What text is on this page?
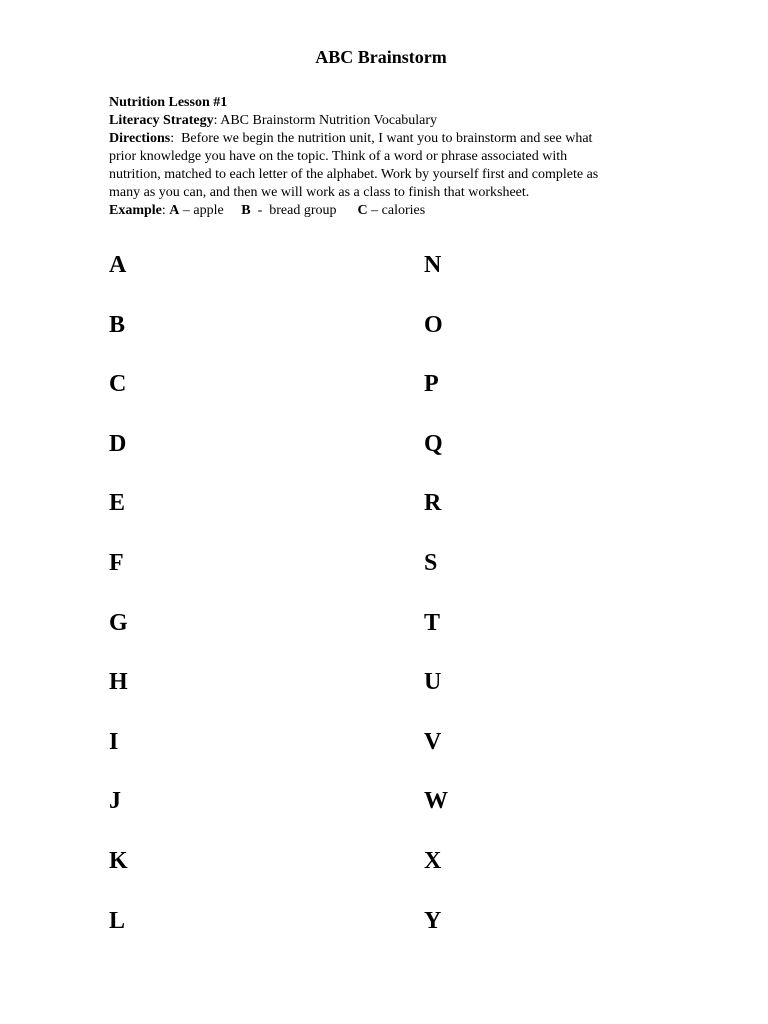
ABC Brainstorm
Nutrition Lesson #1
Literacy Strategy: ABC Brainstorm Nutrition Vocabulary
Directions:  Before we begin the nutrition unit, I want you to brainstorm and see what
prior knowledge you have on the topic. Think of a word or phrase associated with
nutrition, matched to each letter of the alphabet. Work by yourself first and complete as
many as you can, and then we will work as a class to finish that worksheet.
Example: A – apple B - bread group C – calories
A
B
C
D
E
F
G
H
I
J
K
L
N
O
P
Q
R
S
T
U
V
W
X
Y
